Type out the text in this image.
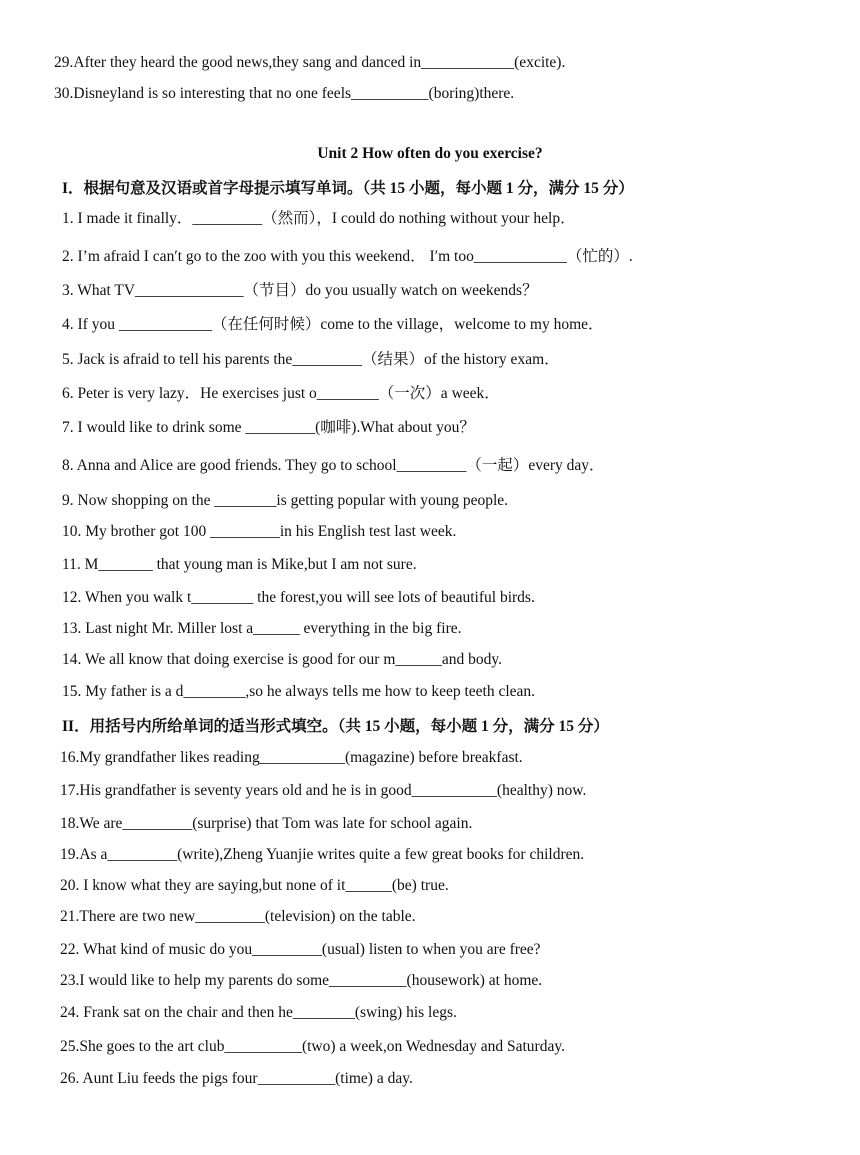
29.After they heard the good news,they sang and danced in____________(excite).
30.Disneyland is so interesting that no one feels__________(boring)there.
Unit 2 How often do you exercise?
I．根据句意及汉语或首字母提示填写单词。（共 15 小题，每小题 1 分，满分 15 分）
1. I made it finally．_________（然而），I could do nothing without your help．
2. I’m afraid I can′t go to the zoo with you this weekend． I′m too____________（忙的）.
3. What TV______________（节目）do you usually watch on weekends？
4. If you ____________（在任何时候）come to the village，welcome to my home．
5. Jack is afraid to tell his parents the_________（结果）of the history exam．
6. Peter is very lazy．He exercises just o________（一次）a week．
7. I would like to drink some _________(咖啡).What about you？
8. Anna and Alice are good friends. They go to school_________（一起）every day．
9. Now shopping on the ________is getting popular with young people.
10. My brother got 100 _________in his English test last week.
11. M_______ that young man is Mike,but I am not sure.
12. When you walk t________ the forest,you will see lots of beautiful birds.
13. Last night Mr. Miller lost a______ everything in the big fire.
14. We all know that doing exercise is good for our m______and body.
15. My father is a d________,so he always tells me how to keep teeth clean.
II．用括号内所给单词的适当形式填空。（共 15 小题，每小题 1 分，满分 15 分）
16.My grandfather likes reading___________(magazine) before breakfast.
17.His grandfather is seventy years old and he is in good___________(healthy) now.
18.We are_________(surprise) that Tom was late for school again.
19.As a_________(write),Zheng Yuanjie writes quite a few great books for children.
20. I know what they are saying,but none of it______(be) true.
21.There are two new_________(television) on the table.
22. What kind of music do you_________(usual) listen to when you are free?
23.I would like to help my parents do some__________(housework) at home.
24. Frank sat on the chair and then he________(swing) his legs.
25.She goes to the art club__________(two) a week,on Wednesday and Saturday.
26. Aunt Liu feeds the pigs four__________(time) a day.
